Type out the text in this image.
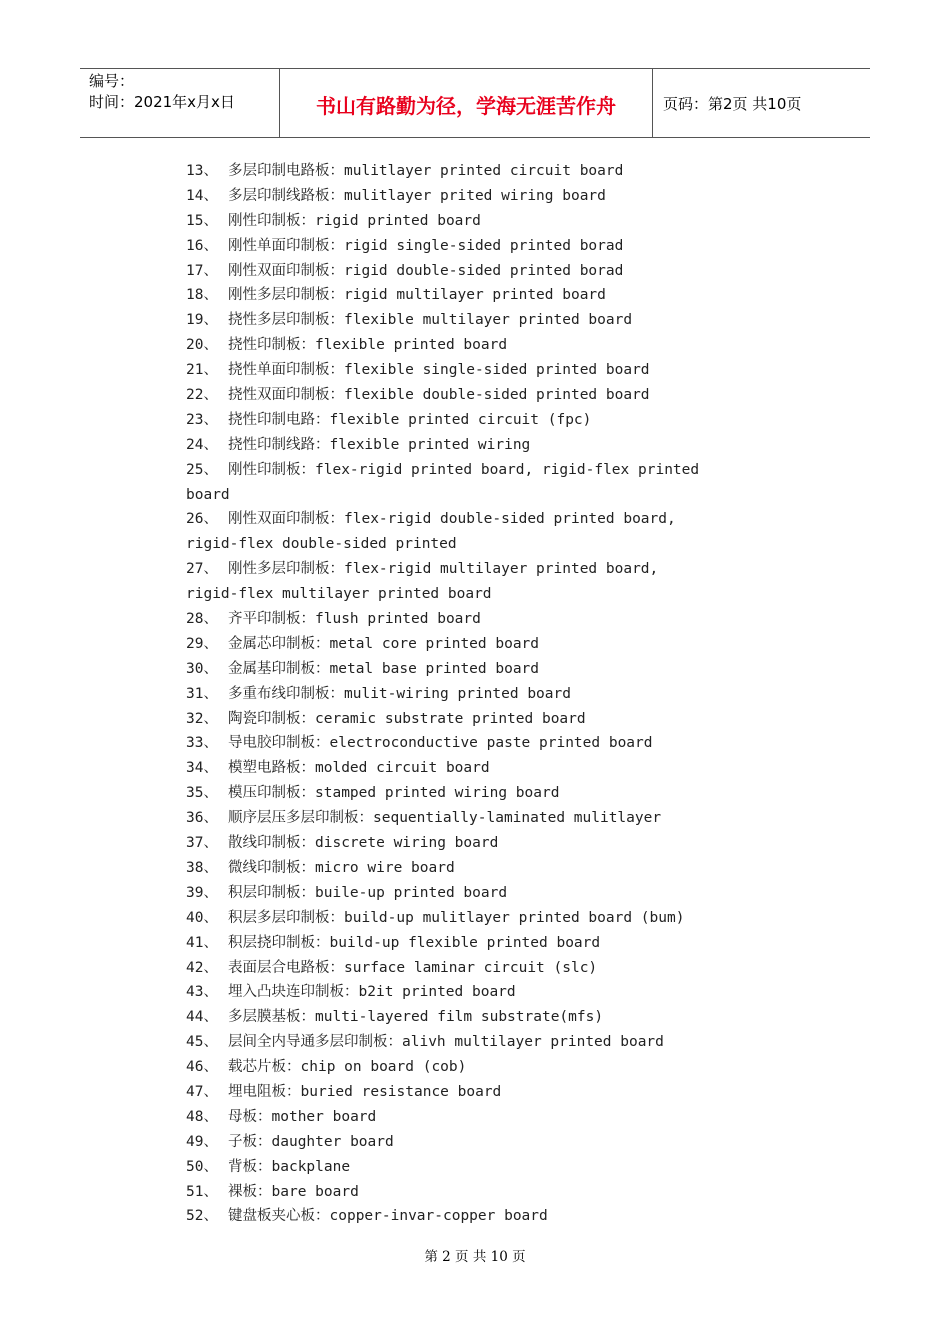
编号：
时间：2021年x月x日	书山有路勤为径，学海无涯苦作舟	页码：第2页 共10页
13、 多层印制电路板：mulitlayer printed circuit board
14、 多层印制线路板：mulitlayer prited wiring board
15、 刚性印制板：rigid printed board
16、 刚性单面印制板：rigid single-sided printed borad
17、 刚性双面印制板：rigid double-sided printed borad
18、 刚性多层印制板：rigid multilayer printed board
19、 挠性多层印制板：flexible multilayer printed board
20、 挠性印制板：flexible printed board
21、 挠性单面印制板：flexible single-sided printed board
22、 挠性双面印制板：flexible double-sided printed board
23、 挠性印制电路：flexible printed circuit (fpc)
24、 挠性印制线路：flexible printed wiring
25、 刚性印制板：flex-rigid printed board, rigid-flex printed
board
26、 刚性双面印制板：flex-rigid double-sided printed board,
rigid-flex double-sided printed
27、 刚性多层印制板：flex-rigid multilayer printed board,
rigid-flex multilayer printed board
28、 齐平印制板：flush printed board
29、 金属芯印制板：metal core printed board
30、 金属基印制板：metal base printed board
31、 多重布线印制板：mulit-wiring printed board
32、 陶瓷印制板：ceramic substrate printed board
33、 导电胶印制板：electroconductive paste printed board
34、 模塑电路板：molded circuit board
35、 模压印制板：stamped printed wiring board
36、 顺序层压多层印制板：sequentially-laminated mulitlayer
37、 散线印制板：discrete wiring board
38、 微线印制板：micro wire board
39、 积层印制板：buile-up printed board
40、 积层多层印制板：build-up mulitlayer printed board (bum)
41、 积层挠印制板：build-up flexible printed board
42、 表面层合电路板：surface laminar circuit (slc)
43、 埋入凸块连印制板：b2it printed board
44、 多层膜基板：multi-layered film substrate(mfs)
45、 层间全内导通多层印制板：alivh multilayer printed board
46、 载芯片板：chip on board (cob)
47、 埋电阻板：buried resistance board
48、 母板：mother board
49、 子板：daughter board
50、 背板：backplane
51、 裸板：bare board
52、 键盘板夹心板：copper-invar-copper board
第 2 页 共 10 页
